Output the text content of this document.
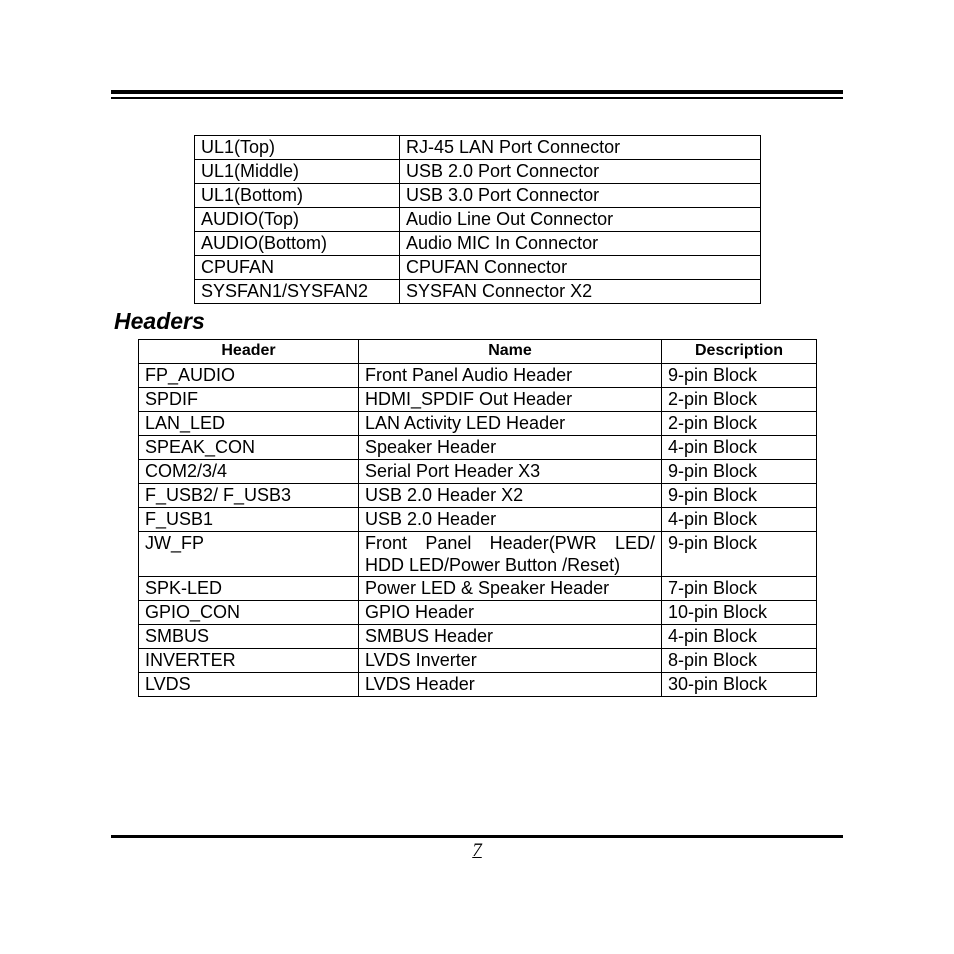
UL1(Top)	RJ-45 LAN Port Connector
UL1(Middle)	USB 2.0 Port Connector
UL1(Bottom)	USB 3.0 Port Connector
AUDIO(Top)	Audio Line Out Connector
AUDIO(Bottom)	Audio MIC In Connector
CPUFAN	CPUFAN Connector
SYSFAN1/SYSFAN2	SYSFAN Connector X2
Headers
Header	Name	Description
FP_AUDIO	Front Panel Audio Header	9-pin Block
SPDIF	HDMI_SPDIF Out Header	2-pin Block
LAN_LED	LAN Activity LED Header	2-pin Block
SPEAK_CON	Speaker Header	4-pin Block
COM2/3/4	Serial Port Header X3	9-pin Block
F_USB2/ F_USB3	USB 2.0 Header X2	9-pin Block
F_USB1	USB 2.0 Header	4-pin Block
JW_FP	Front Panel Header(PWR LED/ HDD LED/Power Button /Reset)	9-pin Block
SPK-LED	Power LED & Speaker Header	7-pin Block
GPIO_CON	GPIO Header	10-pin Block
SMBUS	SMBUS Header	4-pin Block
INVERTER	LVDS Inverter	8-pin Block
LVDS	LVDS Header	30-pin Block
7
